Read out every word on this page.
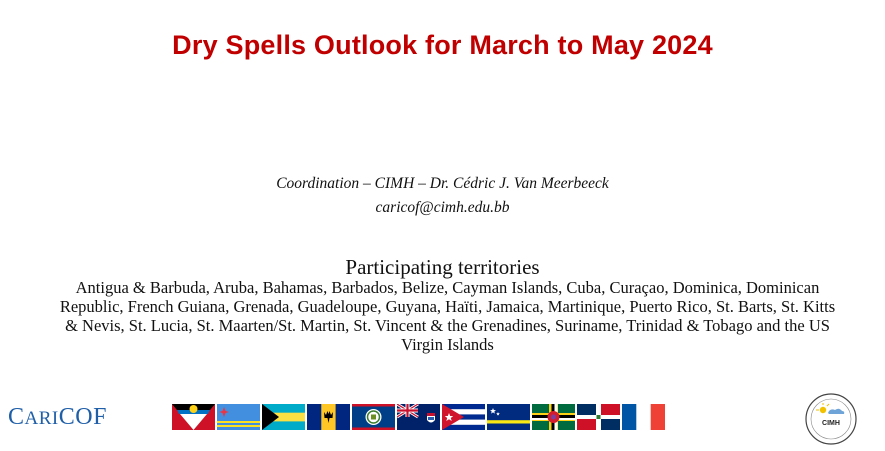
Dry Spells Outlook for March to May 2024
Coordination – CIMH – Dr. Cédric J. Van Meerbeeck
caricof@cimh.edu.bb
Participating territories
Antigua & Barbuda, Aruba, Bahamas, Barbados, Belize, Cayman Islands, Cuba, Curaçao, Dominica, Dominican Republic, French Guiana, Grenada, Guadeloupe, Guyana, Haïti, Jamaica, Martinique, Puerto Rico, St. Barts, St. Kitts & Nevis, St. Lucia, St. Maarten/St. Martin, St. Vincent & the Grenadines, Suriname, Trinidad & Tobago and the US Virgin Islands
CARICOF	CIMH
